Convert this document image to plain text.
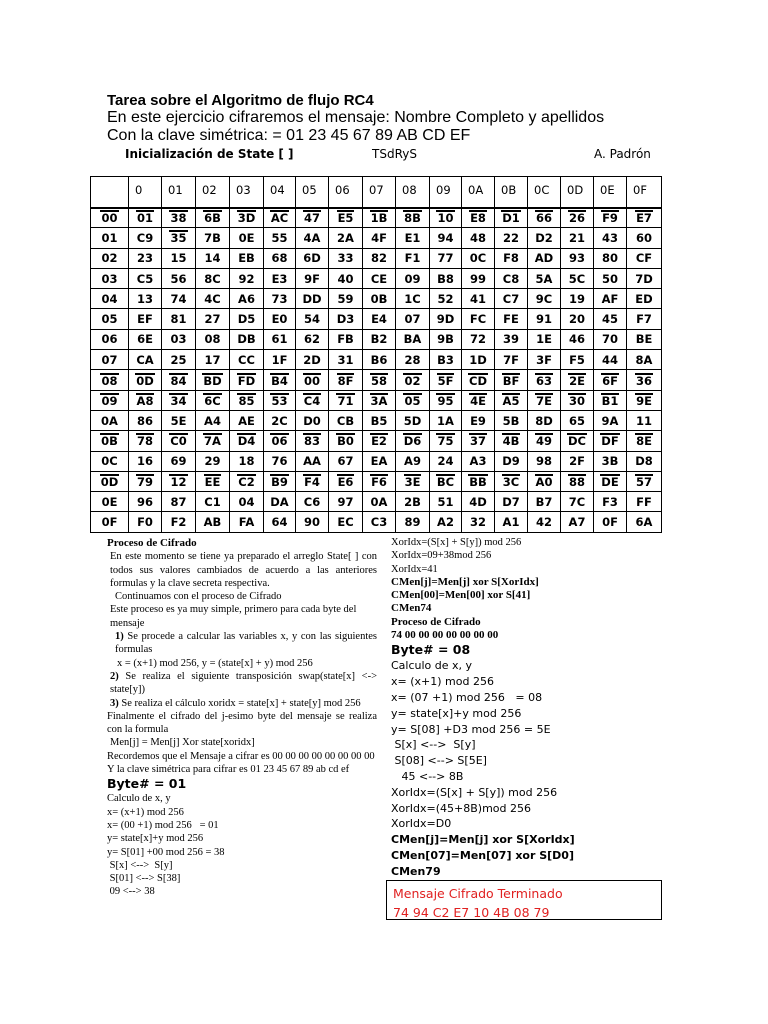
Tarea sobre el Algoritmo de flujo RC4
En este ejercicio cifraremos el mensaje: Nombre Completo y apellidos
Con la clave simétrica: = 01 23 45 67 89 AB CD EF
Inicialización de State [ ]	TSdRyS	A. Padrón
	0	01	02	03	04	05	06	07	08	09	0A	0B	0C	0D	0E	0F
00	01	38	6B	3D	AC	47	E5	1B	8B	10	E8	D1	66	26	F9	E7
01	C9	35	7B	0E	55	4A	2A	4F	E1	94	48	22	D2	21	43	60
02	23	15	14	EB	68	6D	33	82	F1	77	0C	F8	AD	93	80	CF
03	C5	56	8C	92	E3	9F	40	CE	09	B8	99	C8	5A	5C	50	7D
04	13	74	4C	A6	73	DD	59	0B	1C	52	41	C7	9C	19	AF	ED
05	EF	81	27	D5	E0	54	D3	E4	07	9D	FC	FE	91	20	45	F7
06	6E	03	08	DB	61	62	FB	B2	BA	9B	72	39	1E	46	70	BE
07	CA	25	17	CC	1F	2D	31	B6	28	B3	1D	7F	3F	F5	44	8A
08	0D	84	BD	FD	B4	00	8F	58	02	5F	CD	BF	63	2E	6F	36
09	A8	34	6C	85	53	C4	71	3A	05	95	4E	A5	7E	30	B1	9E
0A	86	5E	A4	AE	2C	D0	CB	B5	5D	1A	E9	5B	8D	65	9A	11
0B	78	C0	7A	D4	06	83	B0	E2	D6	75	37	4B	49	DC	DF	8E
0C	16	69	29	18	76	AA	67	EA	A9	24	A3	D9	98	2F	3B	D8
0D	79	12	EE	C2	B9	F4	E6	F6	3E	BC	BB	3C	A0	88	DE	57
0E	96	87	C1	04	DA	C6	97	0A	2B	51	4D	D7	B7	7C	F3	FF
0F	F0	F2	AB	FA	64	90	EC	C3	89	A2	32	A1	42	A7	0F	6A
Proceso de Cifrado
En este momento se tiene ya preparado el arreglo State[ ] con todos sus valores cambiados de acuerdo a las anteriores formulas y la clave secreta respectiva.
Continuamos con el proceso de Cifrado
Este proceso es ya muy simple, primero para cada byte del mensaje
1) Se procede a calcular las variables x, y con las siguientes formulas
x = (x+1) mod 256, y = (state[x] + y) mod 256
2) Se realiza el siguiente transposición swap(state[x] <-> state[y])
3) Se realiza el cálculo xoridx = state[x] + state[y] mod 256
Finalmente el cifrado del j-esimo byte del mensaje se realiza con la formula
Men[j] = Men[j] Xor state[xoridx]
Recordemos que el Mensaje a cifrar es 00 00 00 00 00 00 00 00
Y la clave simétrica para cifrar es 01 23 45 67 89 ab cd ef
Byte# = 01
Calculo de x, y
x= (x+1) mod 256
x= (00 +1) mod 256   = 01
y= state[x]+y mod 256
y= S[01] +00 mod 256 = 38
S[x] <-->  S[y]
S[01] <--> S[38]
09 <--> 38
XorIdx=(S[x] + S[y]) mod 256
XorIdx=09+38mod 256
XorIdx=41
CMen[j]=Men[j] xor S[XorIdx]
CMen[00]=Men[00] xor S[41]
CMen74
Proceso de Cifrado
74 00 00 00 00 00 00 00
Byte# = 08
Calculo de x, y
x= (x+1) mod 256
x= (07 +1) mod 256   = 08
y= state[x]+y mod 256
y= S[08] +D3 mod 256 = 5E
S[x] <-->  S[y]
S[08] <--> S[5E]
45 <--> 8B
XorIdx=(S[x] + S[y]) mod 256
XorIdx=(45+8B)mod 256
XorIdx=D0
CMen[j]=Men[j] xor S[XorIdx]
CMen[07]=Men[07] xor S[D0]
CMen79
Mensaje Cifrado Terminado
74 94 C2 E7 10 4B 08 79
